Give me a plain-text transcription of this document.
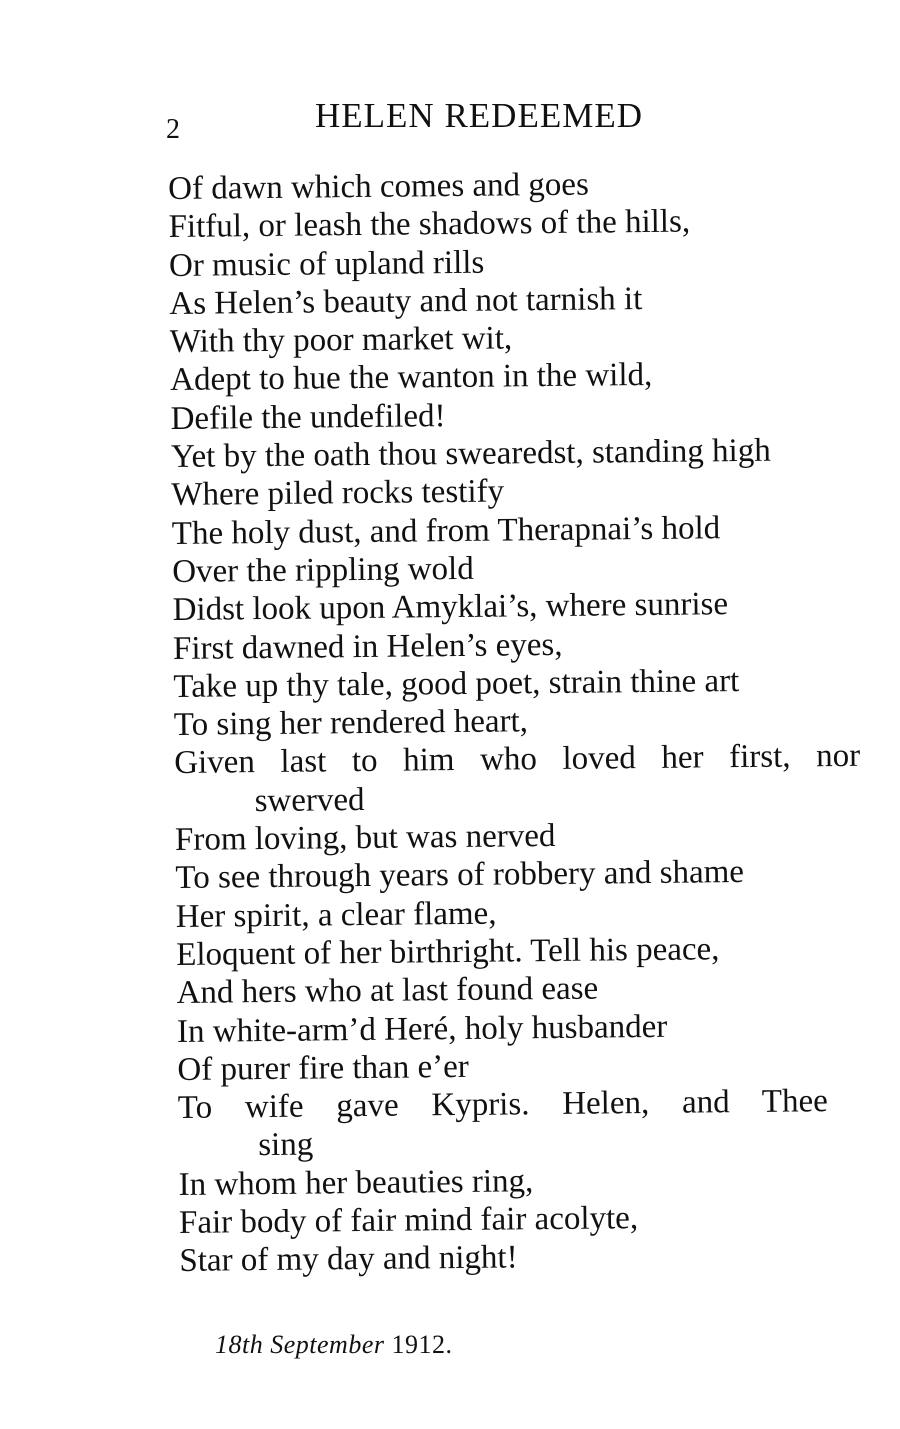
2	HELEN REDEEMED
Of dawn which comes and goes
Fitful, or leash the shadows of the hills,
Or music of upland rills
As Helen’s beauty and not tarnish it
With thy poor market wit,
Adept to hue the wanton in the wild,
Defile the undefiled!
Yet by the oath thou swearedst, standing high
Where piled rocks testify
The holy dust, and from Therapnai’s hold
Over the rippling wold
Didst look upon Amyklai’s, where sunrise
First dawned in Helen’s eyes,
Take up thy tale, good poet, strain thine art
To sing her rendered heart,
Given last to him who loved her first, nor
swerved
From loving, but was nerved
To see through years of robbery and shame
Her spirit, a clear flame,
Eloquent of her birthright. Tell his peace,
And hers who at last found ease
In white-arm’d Heré, holy husbander
Of purer fire than e’er
To wife gave Kypris. Helen, and Thee
sing
In whom her beauties ring,
Fair body of fair mind fair acolyte,
Star of my day and night!
18th September 1912.
